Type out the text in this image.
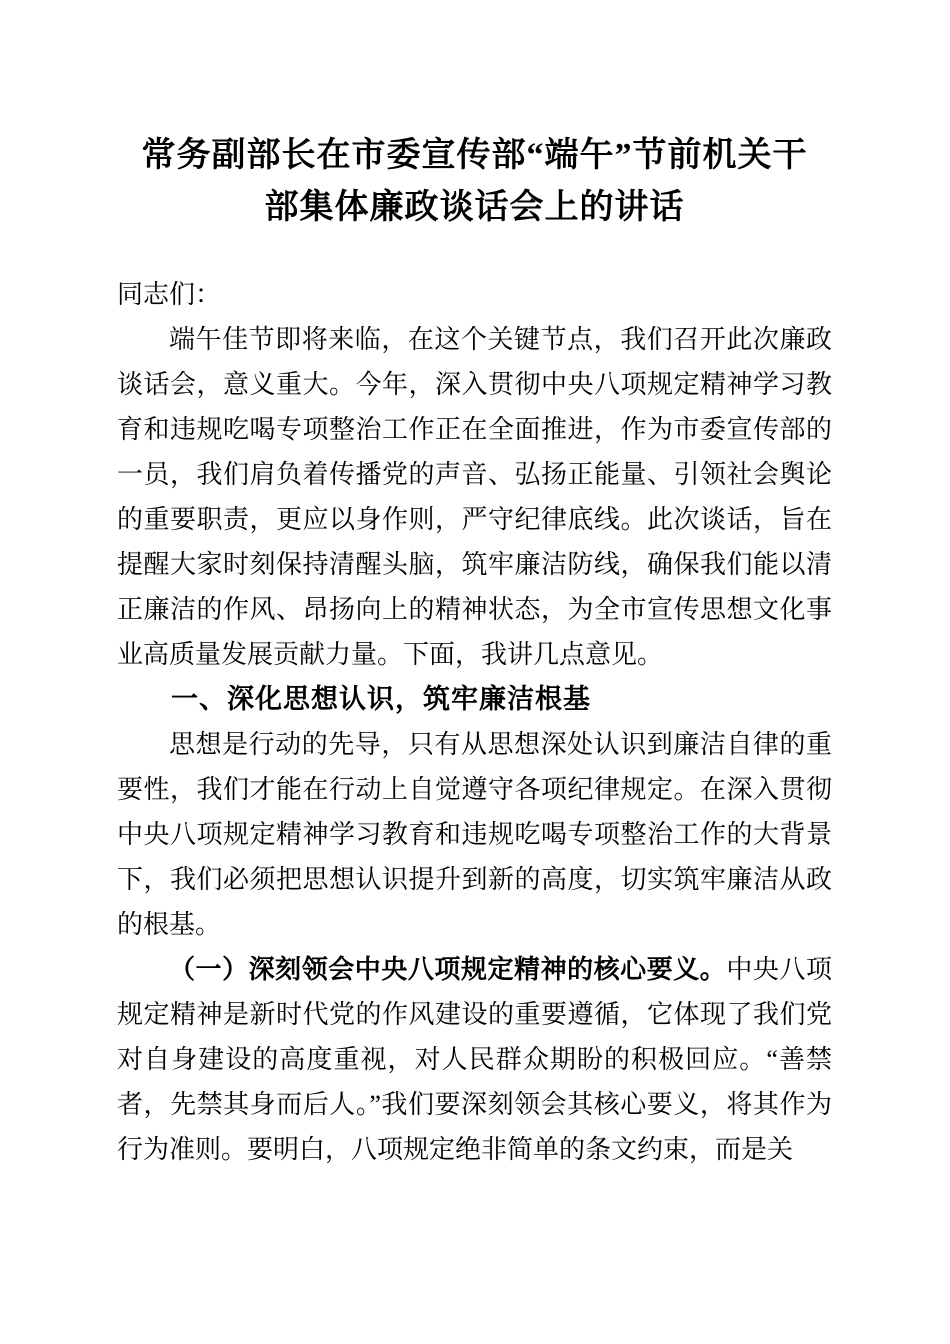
常务副部长在市委宣传部“端午”节前机关干部集体廉政谈话会上的讲话

同志们：

端午佳节即将来临，在这个关键节点，我们召开此次廉政谈话会，意义重大。今年，深入贯彻中央八项规定精神学习教育和违规吃喝专项整治工作正在全面推进，作为市委宣传部的一员，我们肩负着传播党的声音、弘扬正能量、引领社会舆论的重要职责，更应以身作则，严守纪律底线。此次谈话，旨在提醒大家时刻保持清醒头脑，筑牢廉洁防线，确保我们能以清正廉洁的作风、昂扬向上的精神状态，为全市宣传思想文化事业高质量发展贡献力量。下面，我讲几点意见。

一、深化思想认识，筑牢廉洁根基

思想是行动的先导，只有从思想深处认识到廉洁自律的重要性，我们才能在行动上自觉遵守各项纪律规定。在深入贯彻中央八项规定精神学习教育和违规吃喝专项整治工作的大背景下，我们必须把思想认识提升到新的高度，切实筑牢廉洁从政的根基。

（一）深刻领会中央八项规定精神的核心要义。中央八项规定精神是新时代党的作风建设的重要遵循，它体现了我们党对自身建设的高度重视，对人民群众期盼的积极回应。“善禁者，先禁其身而后人。”我们要深刻领会其核心要义，将其作为行为准则。要明白，八项规定绝非简单的条文约束，而是关
